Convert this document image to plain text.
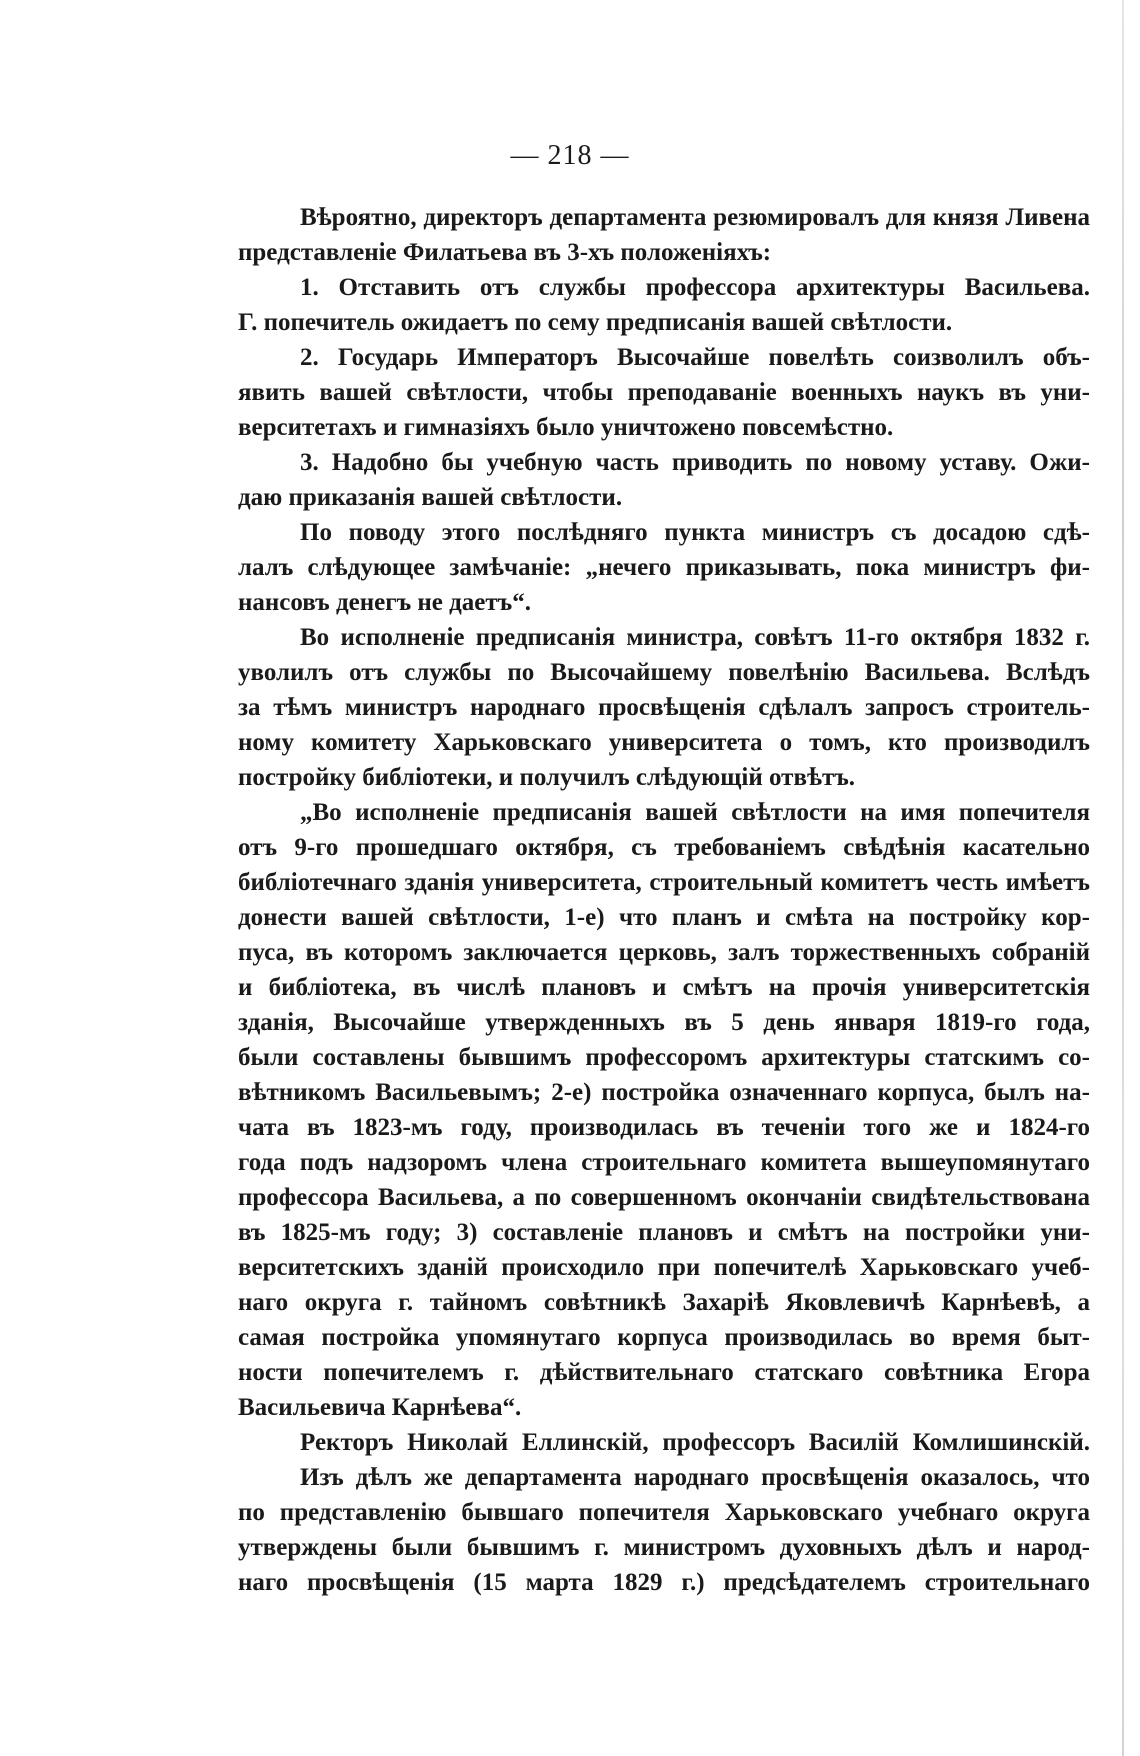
— 218 —
Вѣроятно, директоръ департамента резюмировалъ для князя Ливена
представленіе Филатьева въ 3-хъ положеніяхъ:
1. Отставить отъ службы профессора архитектуры Васильева.
Г. попечитель ожидаетъ по сему предписанія вашей свѣтлости.
2. Государь Императоръ Высочайше повелѣть соизволилъ объ-
явить вашей свѣтлости, чтобы преподаваніе военныхъ наукъ въ уни-
верситетахъ и гимназіяхъ было уничтожено повсемѣстно.
3. Надобно бы учебную часть приводить по новому уставу. Ожи-
даю приказанія вашей свѣтлости.
По поводу этого послѣдняго пункта министръ съ досадою сдѣ-
лалъ слѣдующее замѣчаніе: „нечего приказывать, пока министръ фи-
нансовъ денегъ не даетъ“.
Во исполненіе предписанія министра, совѣтъ 11-го октября 1832 г.
уволилъ отъ службы по Высочайшему повелѣнію Васильева. Вслѣдъ
за тѣмъ министръ народнаго просвѣщенія сдѣлалъ запросъ строитель-
ному комитету Харьковскаго университета о томъ, кто производилъ
постройку библіотеки, и получилъ слѣдующій отвѣтъ.
„Во исполненіе предписанія вашей свѣтлости на имя попечителя
отъ 9-го прошедшаго октября, съ требованіемъ свѣдѣнія касательно
библіотечнаго зданія университета, строительный комитетъ честь имѣетъ
донести вашей свѣтлости, 1-е) что планъ и смѣта на постройку кор-
пуса, въ которомъ заключается церковь, залъ торжественныхъ собраній
и библіотека, въ числѣ плановъ и смѣтъ на прочія университетскія
зданія, Высочайше утвержденныхъ въ 5 день января 1819-го года,
были составлены бывшимъ профессоромъ архитектуры статскимъ со-
вѣтникомъ Васильевымъ; 2-е) постройка означеннаго корпуса, былъ на-
чата въ 1823-мъ году, производилась въ теченіи того же и 1824-го
года подъ надзоромъ члена строительнаго комитета вышеупомянутаго
профессора Васильева, а по совершенномъ окончаніи свидѣтельствована
въ 1825-мъ году; 3) составленіе плановъ и смѣтъ на постройки уни-
верситетскихъ зданій происходило при попечителѣ Харьковскаго учеб-
наго округа г. тайномъ совѣтникѣ Захаріѣ Яковлевичѣ Карнѣевѣ, а
самая постройка упомянутаго корпуса производилась во время быт-
ности попечителемъ г. дѣйствительнаго статскаго совѣтника Егора
Васильевича Карнѣева“.
Ректоръ Николай Еллинскій, профессоръ Василій Комлишинскій.
Изъ дѣлъ же департамента народнаго просвѣщенія оказалось, что
по представленію бывшаго попечителя Харьковскаго учебнаго округа
утверждены были бывшимъ г. министромъ духовныхъ дѣлъ и народ-
наго просвѣщенія (15 марта 1829 г.) предсѣдателемъ строительнаго
